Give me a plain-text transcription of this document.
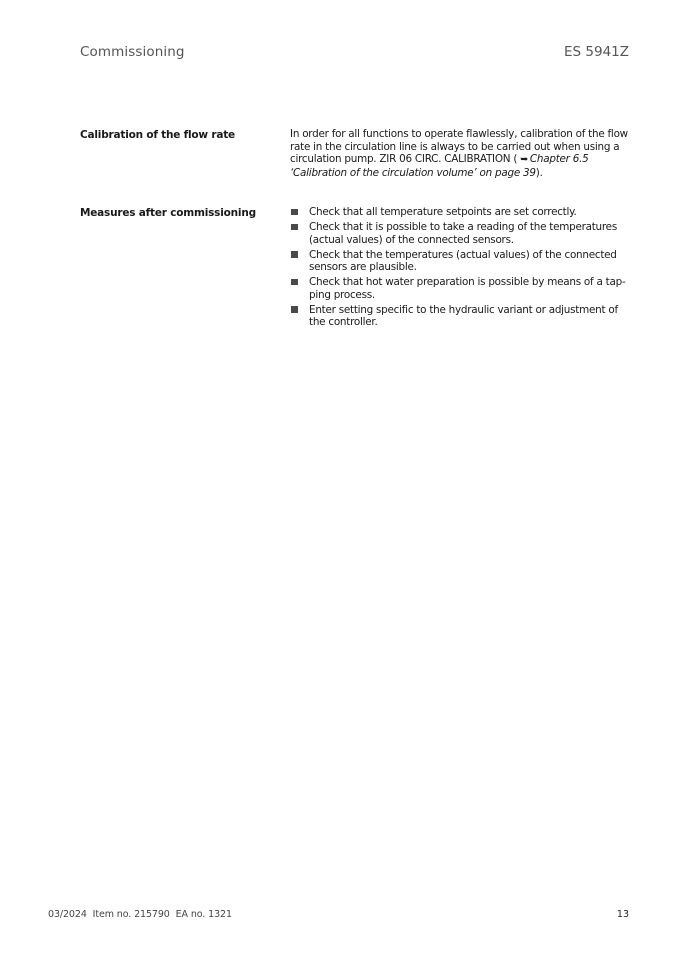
Commissioning	ES 5941Z
Calibration of the flow rate	In order for all functions to operate flawlessly, calibration of the flow rate in the circulation line is always to be carried out when using a circulation pump. ZIR 06 CIRC. CALIBRATION ( ➥ Chapter 6.5 ‘Calibration of the circulation volume’ on page 39).
Measures after commissioning	Check that all temperature setpoints are set correctly.
Check that it is possible to take a reading of the temperatures (actual values) of the connected sensors.
Check that the temperatures (actual values) of the connected sensors are plausible.
Check that hot water preparation is possible by means of a tap-ping process.
Enter setting specific to the hydraulic variant or adjustment of the controller.
03/2024 Item no. 215790 EA no. 1321	13
